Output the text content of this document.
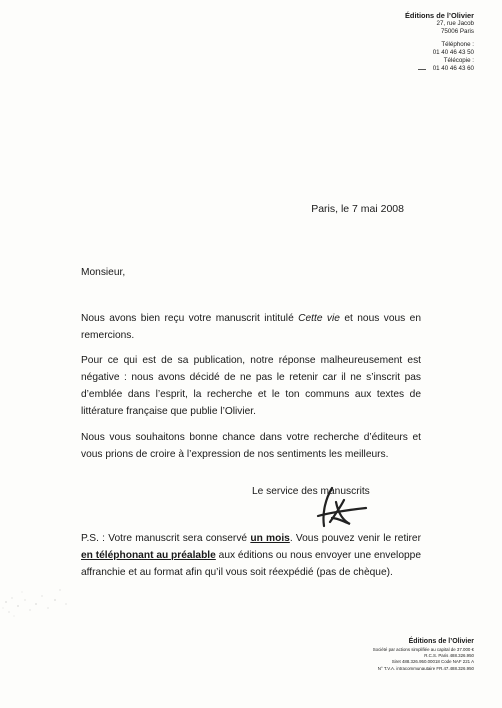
Éditions de l’Olivier
27, rue Jacob
75006 Paris
Téléphone :
01 40 46 43 50
Télécopie :
01 40 46 43 60
Paris, le 7 mai 2008
Monsieur,
Nous avons bien reçu votre manuscrit intitulé Cette vie et nous vous en remercions.
Pour ce qui est de sa publication, notre réponse malheureusement est négative : nous avons décidé de ne pas le retenir car il ne s’inscrit pas d’emblée dans l’esprit, la recherche et le ton communs aux textes de littérature française que publie l’Olivier.
Nous vous souhaitons bonne chance dans votre recherche d’éditeurs et vous prions de croire à l’expression de nos sentiments les meilleurs.
Le service des manuscrits
P.S. : Votre manuscrit sera conservé un mois. Vous pouvez venir le retirer en téléphonant au préalable aux éditions ou nous envoyer une enveloppe affranchie et au format afin qu’il vous soit réexpédié (pas de chèque).
Éditions de l’Olivier
Société par actions simplifiée au capital de 37.000 €
R.C.S. Paris 488.326.950
Siret 488.326.950.00018 Code NAF 221 A
N° T.V.A. intracommunautaire FR.47.488.326.950
